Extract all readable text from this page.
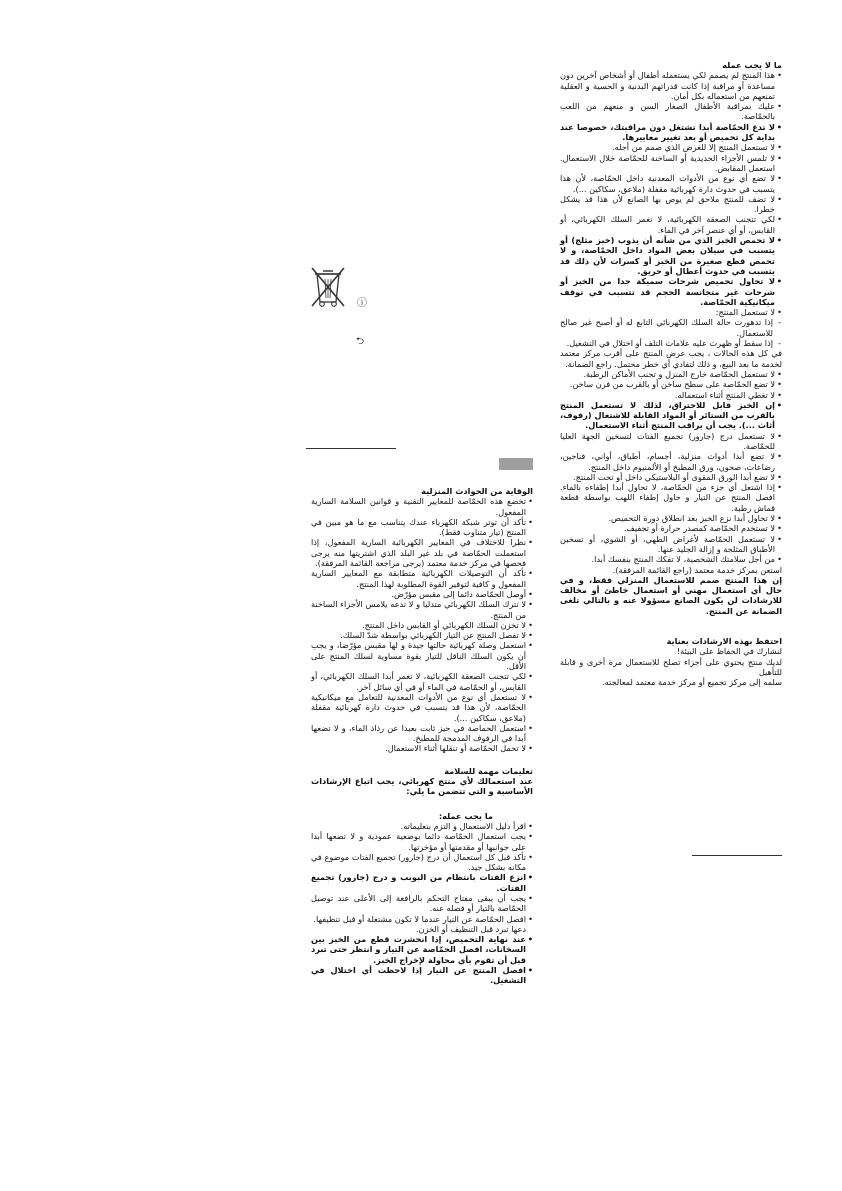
ما لا يجب عمله

• هذا المنتج لم يصمم لكي يستعمله أطفال أو أشخاص آخرين دون مساعدة أو مراقبة إذا كانت قدراتهم البدنية و الحسية و العقلية تمنعهم من استعماله بكل أمان.
• عليك بمراقبة الأطفال الصغار السن و منعهم من اللعب بالحمّاصة.
• لا تدع الحمّاصة أبدا تشتغل دون مراقبتك، خصوصا عند بداية كل تحميص أو بعد تغيير معاييرها.
• لا تستعمل المنتج إلا للغرض الذي صمم من أجله.
• لا تلمس الأجزاء الحديدية أو الساخنة للحمّاصة خلال الاستعمال. استعمل المقابض.
• لا تضع أي نوع من الأدوات المعدنية داخل الحمّاصة، لأن هذا يتسبب في حدوث دارة كهربائية مقفلة (ملاعق، سكاكين ...).
• لا تضف للمنتج ملاحق لم يوص بها الصانع لأن هذا قد يشكل خطرا.
• لكي تتجنب الصعقة الكهربائية، لا تغمر السلك الكهربائي، أو القابس، أو أي عنصر آخر في الماء.
• لا تحمص الخبز الذي من شأنه أن يذوب (خبز مثلج) أو يتسبب في سيلان بعض المواد داخل الحمّاصة، و لا تحمص قطع صغيرة من الخبز أو كسرات لأن ذلك قد يتسبب في حدوث أعطال أو حريق.
• لا تحاول تحميص شرحات سميكة جدا من الخبز أو شرحات غير متجانسة الحجم قد تتسبب في توقف ميكانيكية الحمّاصة.
• لا تستعمل المنتج:
- إذا تدهورت حالة السلك الكهربائي التابع له أو أصبح غير صالح للاستعمال.
- إذا سقط أو ظهرت عليه علامات التلف أو اختلال في التشغيل.

في كل هذه الحالات ، يجب عرض المنتج على أقرب مركز معتمد لخدمة ما بعد البيع، و ذلك لتفادي أي خطر محتمل. راجع الضمانة.

• لا تستعمل الحمّاصة خارج المنزل و تجنب الأماكن الرطبة.
• لا تضع الحمّاصة على سطح ساخن أو بالقرب من فرن ساخن.
• لا تغطي المنتج أثناء استعماله.
• إن الخبز قابل للاحتراق، لذلك لا تستعمل المنتج بالقرب من الستائر أو المواد القابلة للاشتعال (رفوف، أثاث ...). يجب أن يراقب المنتج أثناء الاستعمال.
• لا تستعمل درج (جارور) تجميع الفتات لتسخين الجهة العليا للحمّاصة.
• لا تضع أبدا أدوات منزلية، أجسام، أطباق، أواني، فناجين، رضاعات، صحون، ورق المطبخ أو الألمنيوم داخل المنتج.
• لا تضع أبدا الورق المقوى أو البلاستيكي داخل أو تحت المنتج.
• إذا اشتعل أي جزء من الحمّاصة، لا تحاول أبدا إطفاءه بالماء. افصل المنتج عن التيار و حاول إطفاء اللهب بواسطة قطعة قماش رطبة.
• لا تحاول أبدا نزع الخبز بعد انطلاق دورة التحميص.
• لا تستخدم الحمّاصة كمصدر حرارة أو تجفيف.
• لا تستعمل الحمّاصة لأغراض الطهي، أو الشوي، أو تسخين الأطباق المثلجة و إزالة الجليد عنها.
• من أجل سلامتك الشخصية، لا تفكك المنتج بنفسك أبدا.

استعن بمركز خدمة معتمد (راجع القائمة المرفقة).

إن هذا المنتج صمم للاستعمال المنزلي فقط، و في حال أي استعمال مهني أو استعمال خاطئ أو مخالف للارشادات لن يكون الصانع مسؤولا عنه و بالتالي تلغى الضمانة عن المنتج.

احتفظ بهذه الارشادات بعناية

لنشارك في الحفاظ على البيئة!

لديك منتج يحتوي على أجزاء تصلح للاستعمال مرة أخرى و قابلة للتأهيل

سلمه إلى مركز تجميع أو مركز خدمة معتمد لمعالجته.

ⓘ
⮌

الوقاية من الحوادث المنزلية

• تخضع هذه الحمّاصة للمعايير التقنية و قوانين السلامة السارية المفعول.
• تأكد أن توتر شبكة الكهرباء عندك يتناسب مع ما هو مبين في المنتج (تيار متناوب فقط).
• نظرا للاختلاف في المعايير الكهربائية السارية المفعول، إذا استعملت الحمّاصة في بلد غير البلد الذي اشتريتها منه يرجى فحصها في مركز خدمة معتمد (يرجى مراجعة القائمة المرفقة).
• تأكد أن التوصيلات الكهربائية متطابقة مع المعايير السارية المفعول و كافية لتوفير القوة المطلوبة لهذا المنتج.
• أوصل الحمّاصة دائما إلى مقبس مؤرّض.
• لا تترك السلك الكهربائي متدليا و لا تدعه يلامس الأجزاء الساخنة من المنتج.
• لا تخزن السلك الكهربائي أو القابس داخل المنتج.
• لا تفصل المنتج عن التيار الكهربائي بواسطة شدّ السلك.
• استعمل وصلة كهربائية حالتها جيدة و لها مقبس مؤرّضا، و يجب أن يكون السلك الناقل للتيار بقوة مساوية لسلك المنتج على الأقل.
• لكي تتجنب الصعقة الكهربائية، لا تغمر أبدا السلك الكهربائي، أو القابس، أو الحمّاصة في الماء أو في أي سائل آخر.
• لا تستعمل أي نوع من الأدوات المعدنية للتعامل مع ميكانيكية الحمّاصة، لأن هذا قد يتسبب في حدوث دارة كهربائية مقفلة (ملاعق، سكاكين ...).
• استعمل الحماصة في حيز ثابت بعيدا عن رذاذ الماء، و لا تضعها أبدا في الرفوف المدمجة للمطبخ.
• لا تحمل الحمّاصة أو تنقلها أثناء الاستعمال.

تعليمات مهمة للسلامة

عند استعمالك لأي منتج كهربائي، يجب اتباع الإرشادات الأساسية و التي تتضمن ما يلي:

ما يجب عمله:

• اقرأ دليل الاستعمال و التزم بتعليماته.
• يجب استعمال الحمّاصة دائما بوضعية عمودية و لا تضعها أبدا على جوانبها أو مقدمتها أو مؤخرتها.
• تأكد قبل كل استعمال أن درج (جارور) تجميع الفتات موضوع في مكانه بشكل جيد.
• انزع الفتات بانتظام من البوبب و درج (جارور) تجميع الفتات.
• يجب أن يبقى مفتاح التحكم بالرافعة إلى الأعلى عند توصيل الحمّاصة بالتيار أو فصله عنه.
• افصل الحمّاصة عن التيار عندما لا تكون مشتغلة أو قبل تنظيفها.
دعها تبرد قبل التنظيف أو الخزن.
• عند نهاية التحميص، إذا انحشرت قطع من الخبز بين السخانات، افصل الحمّاصة عن التيار و انتظر حتى تبرد قبل أن تقوم بأي محاولة لإخراج الخبز.
• افصل المنتج عن التيار إذا لاحظت أي اختلال في التشغيل.
